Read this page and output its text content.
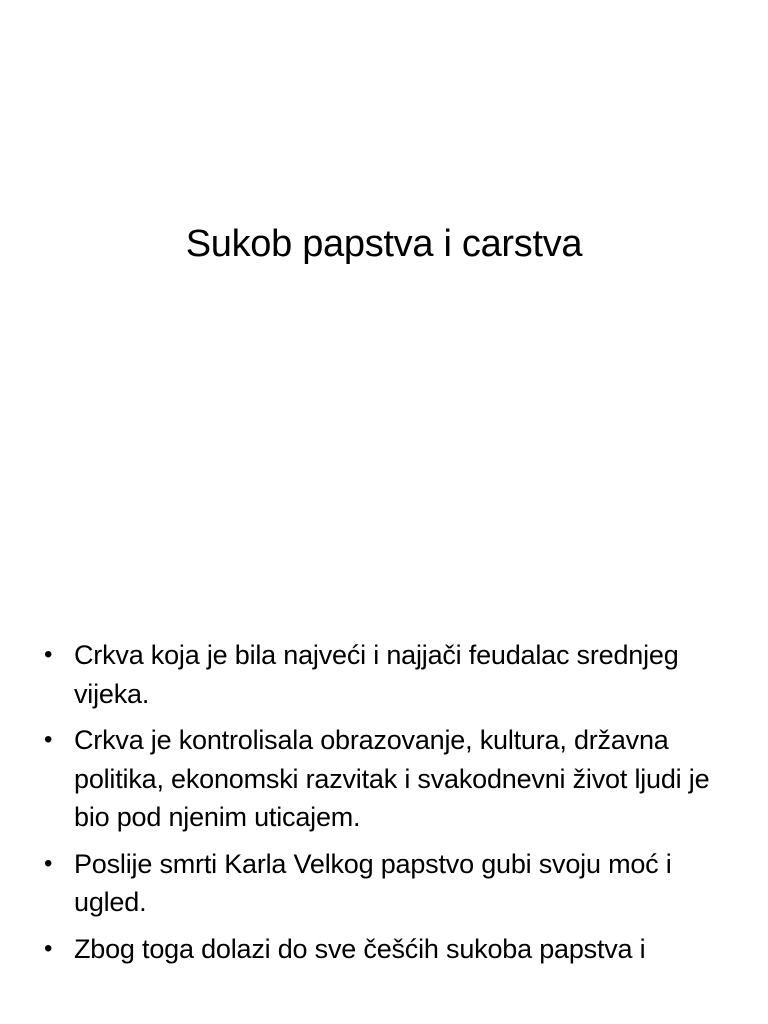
Sukob papstva i carstva
• Crkva koja je bila najveći i najjači feudalac srednjeg vijeka.
• Crkva je kontrolisala obrazovanje, kultura, državna politika, ekonomski razvitak i svakodnevni život ljudi je bio pod njenim uticajem.
• Poslije smrti Karla Velkog papstvo gubi svoju moć i ugled.
• Zbog toga dolazi do sve češćih sukoba papstva i
